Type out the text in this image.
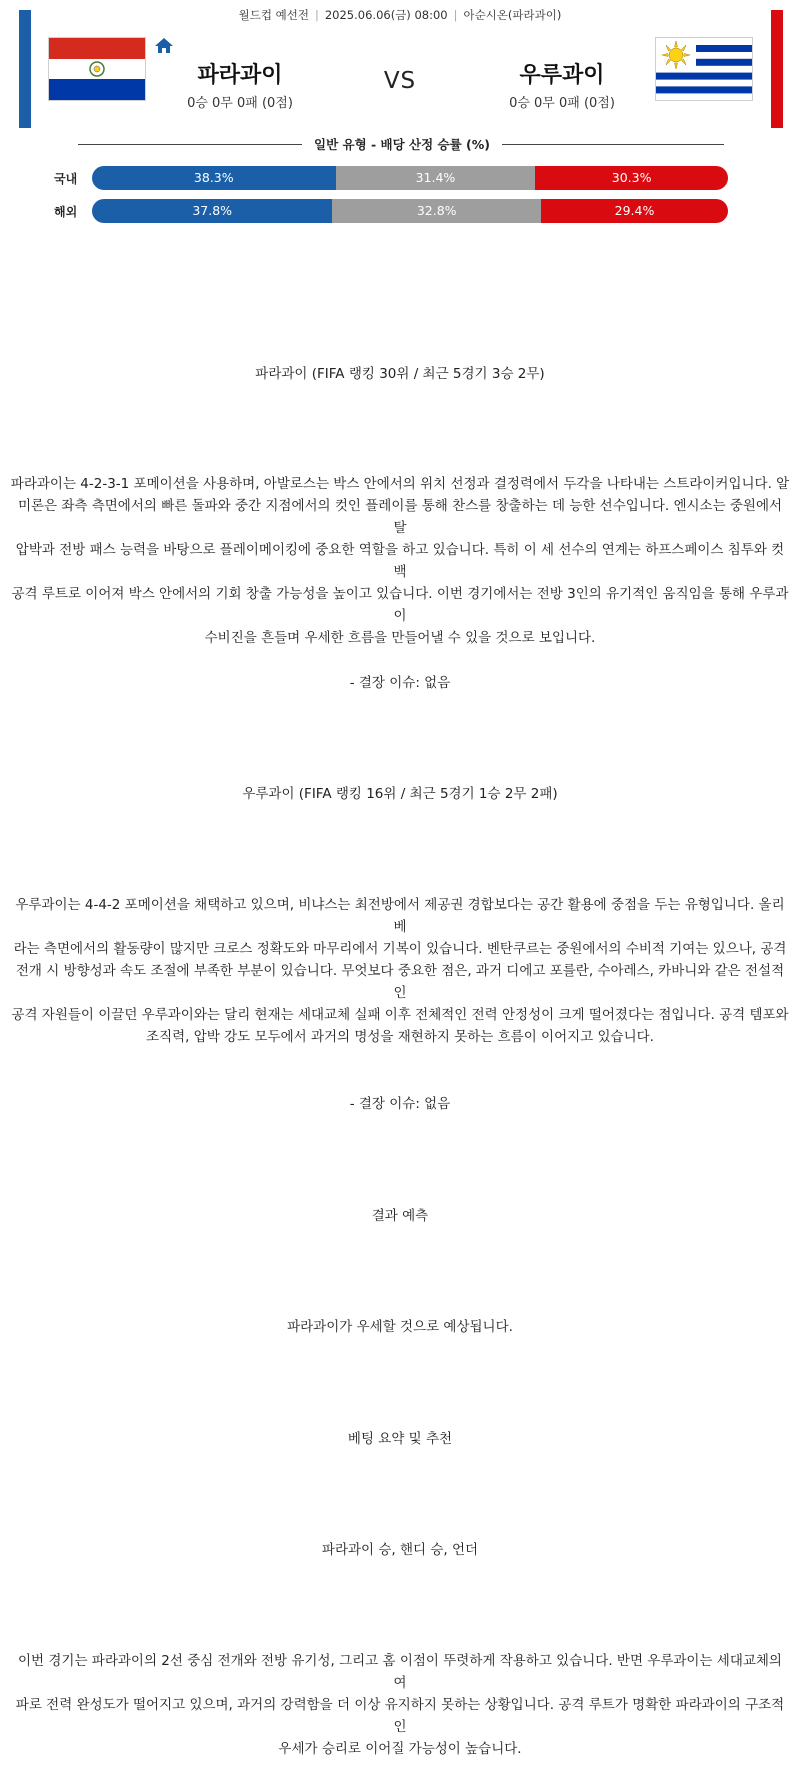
월드컵 예선전 | 2025.06.06(금) 08:00 | 아순시온(파라과이)
파라과이
0승 0무 0패 (0점)
VS	우루과이
0승 0무 0패 (0점)
일반 유형 - 배당 산정 승률 (%)
국내	38.3%	31.4%	30.3%
해외	37.8%	32.8%	29.4%
파라과이 (FIFA 랭킹 30위 / 최근 5경기 3승 2무)
파라과이는 4-2-3-1 포메이션을 사용하며, 아발로스는 박스 안에서의 위치 선정과 결정력에서 두각을 나타내는 스트라이커입니다. 알
미론은 좌측 측면에서의 빠른 돌파와 중간 지점에서의 컷인 플레이를 통해 찬스를 창출하는 데 능한 선수입니다. 엔시소는 중원에서 탈
압박과 전방 패스 능력을 바탕으로 플레이메이킹에 중요한 역할을 하고 있습니다. 특히 이 세 선수의 연계는 하프스페이스 침투와 컷백
공격 루트로 이어져 박스 안에서의 기회 창출 가능성을 높이고 있습니다. 이번 경기에서는 전방 3인의 유기적인 움직임을 통해 우루과이
수비진을 흔들며 우세한 흐름을 만들어낼 수 있을 것으로 보입니다.
- 결장 이슈: 없음
우루과이 (FIFA 랭킹 16위 / 최근 5경기 1승 2무 2패)
우루과이는 4-4-2 포메이션을 채택하고 있으며, 비냐스는 최전방에서 제공권 경합보다는 공간 활용에 중점을 두는 유형입니다. 올리베
라는 측면에서의 활동량이 많지만 크로스 정확도와 마무리에서 기복이 있습니다. 벤탄쿠르는 중원에서의 수비적 기여는 있으나, 공격
전개 시 방향성과 속도 조절에 부족한 부분이 있습니다. 무엇보다 중요한 점은, 과거 디에고 포를란, 수아레스, 카바니와 같은 전설적인
공격 자원들이 이끌던 우루과이와는 달리 현재는 세대교체 실패 이후 전체적인 전력 안정성이 크게 떨어졌다는 점입니다. 공격 템포와
조직력, 압박 강도 모두에서 과거의 명성을 재현하지 못하는 흐름이 이어지고 있습니다.
- 결장 이슈: 없음
결과 예측
파라과이가 우세할 것으로 예상됩니다.
베팅 요약 및 추천
파라과이 승, 핸디 승, 언더
이번 경기는 파라과이의 2선 중심 전개와 전방 유기성, 그리고 홈 이점이 뚜렷하게 작용하고 있습니다. 반면 우루과이는 세대교체의 여
파로 전력 완성도가 떨어지고 있으며, 과거의 강력함을 더 이상 유지하지 못하는 상황입니다. 공격 루트가 명확한 파라과이의 구조적인
우세가 승리로 이어질 가능성이 높습니다.
